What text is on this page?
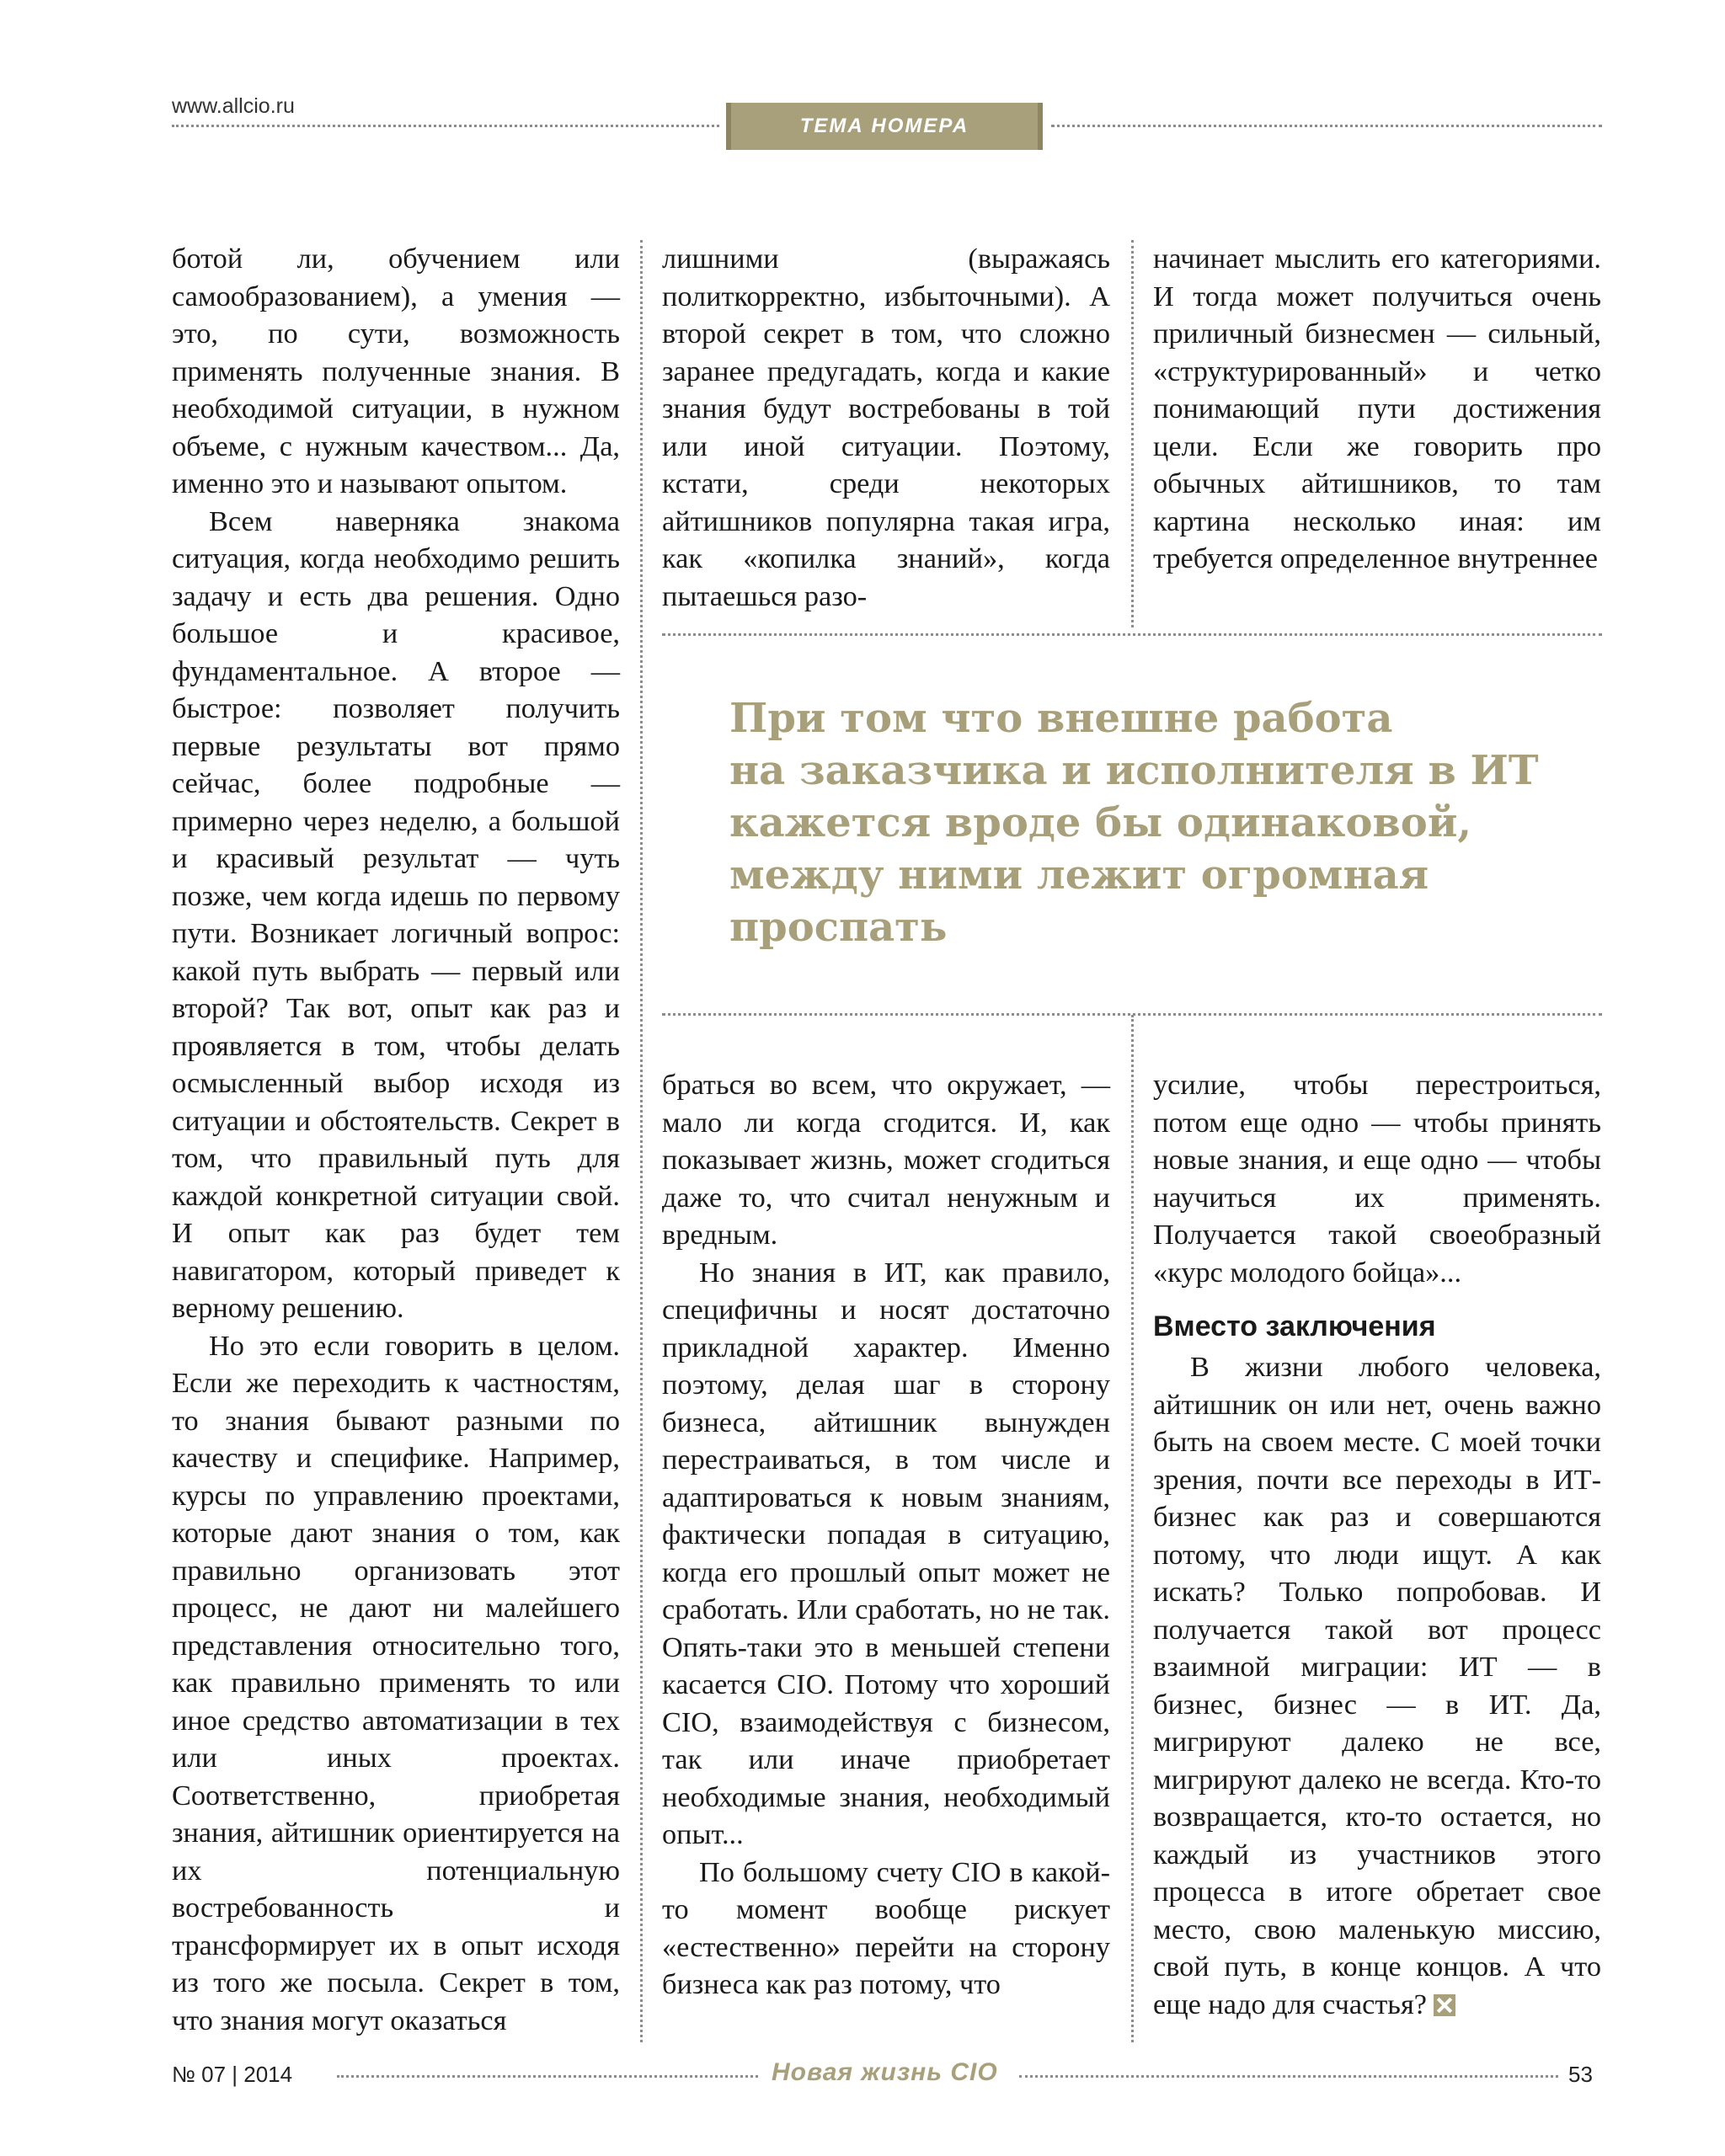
www.allcio.ru
ТЕМА НОМЕРА

ботой ли, обучением или самообразованием), а умения — это, по сути, возможность применять полученные знания. В необходимой ситуации, в нужном объеме, с нужным качеством... Да, именно это и называют опытом.

Всем наверняка знакома ситуация, когда необходимо решить задачу и есть два решения. Одно большое и красивое, фундаментальное. А второе — быстрое: позволяет получить первые результаты вот прямо сейчас, более подробные — примерно через неделю, а большой и красивый результат — чуть позже, чем когда идешь по первому пути. Возникает логичный вопрос: какой путь выбрать — первый или второй? Так вот, опыт как раз и проявляется в том, чтобы делать осмысленный выбор исходя из ситуации и обстоятельств. Секрет в том, что правильный путь для каждой конкретной ситуации свой. И опыт как раз будет тем навигатором, который приведет к верному решению.

Но это если говорить в целом. Если же переходить к частностям, то знания бывают разными по качеству и специфике. Например, курсы по управлению проектами, которые дают знания о том, как правильно организовать этот процесс, не дают ни малейшего представления относительно того, как правильно применять то или иное средство автоматизации в тех или иных проектах. Соответственно, приобретая знания, айтишник ориентируется на их потенциальную востребованность и трансформирует их в опыт исходя из того же посыла. Секрет в том, что знания могут оказаться

лишними (выражаясь политкорректно, избыточными). А второй секрет в том, что сложно заранее предугадать, когда и какие знания будут востребованы в той или иной ситуации. Поэтому, кстати, среди некоторых айтишников популярна такая игра, как «копилка знаний», когда пытаешься разо-

начинает мыслить его категориями. И тогда может получиться очень приличный бизнесмен — сильный, «структурированный» и четко понимающий пути достижения цели. Если же говорить про обычных айтишников, то там картина несколько иная: им требуется определенное внутреннее

При том что внешне работа
на заказчика и исполнителя в ИТ
кажется вроде бы одинаковой,
между ними лежит огромная
проспать

браться во всем, что окружает, — мало ли когда сгодится. И, как показывает жизнь, может сгодиться даже то, что считал ненужным и вредным.

Но знания в ИТ, как правило, специфичны и носят достаточно прикладной характер. Именно поэтому, делая шаг в сторону бизнеса, айтишник вынужден перестраиваться, в том числе и адаптироваться к новым знаниям, фактически попадая в ситуацию, когда его прошлый опыт может не сработать. Или сработать, но не так. Опять-таки это в меньшей степени касается CIO. Потому что хороший CIO, взаимодействуя с бизнесом, так или иначе приобретает необходимые знания, необходимый опыт...

По большому счету CIO в какой-то момент вообще рискует «естественно» перейти на сторону бизнеса как раз потому, что

усилие, чтобы перестроиться, потом еще одно — чтобы принять новые знания, и еще одно — чтобы научиться их применять. Получается такой своеобразный «курс молодого бойца»...

Вместо заключения

В жизни любого человека, айтишник он или нет, очень важно быть на своем месте. С моей точки зрения, почти все переходы в ИТ-бизнес как раз и совершаются потому, что люди ищут. А как искать? Только попробовав. И получается такой вот процесс взаимной миграции: ИТ — в бизнес, бизнес — в ИТ. Да, мигрируют далеко не все, мигрируют далеко не всегда. Кто-то возвращается, кто-то остается, но каждый из участников этого процесса в итоге обретает свое место, свою маленькую миссию, свой путь, в конце концов. А что еще надо для счастья?

№ 07 | 2014	Новая жизнь CIO	53
